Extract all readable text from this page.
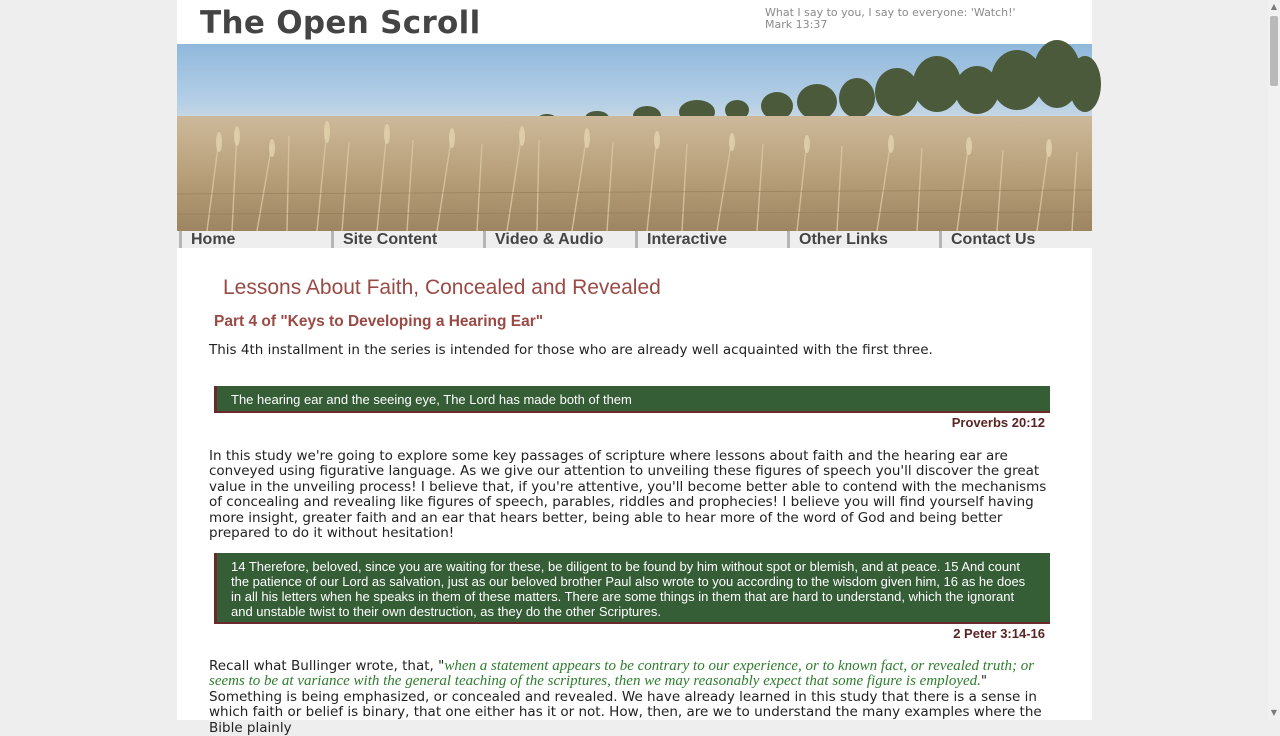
The Open Scroll	What I say to you, I say to everyone: 'Watch!'
Mark 13:37
Home	Site Content	Video & Audio	Interactive	Other Links	Contact Us
Lessons About Faith, Concealed and Revealed
Part 4 of "Keys to Developing a Hearing Ear"

This 4th installment in the series is intended for those who are already well acquainted with the first three.

The hearing ear and the seeing eye, The Lord has made both of them
Proverbs 20:12

In this study we're going to explore some key passages of scripture where lessons about faith and the hearing ear are conveyed using figurative language. As we give our attention to unveiling these figures of speech you'll discover the great value in the unveiling process! I believe that, if you're attentive, you'll become better able to contend with the mechanisms of concealing and revealing like figures of speech, parables, riddles and prophecies! I believe you will find yourself having more insight, greater faith and an ear that hears better, being able to hear more of the word of God and being better prepared to do it without hesitation!

14 Therefore, beloved, since you are waiting for these, be diligent to be found by him without spot or blemish, and at peace. 15 And count the patience of our Lord as salvation, just as our beloved brother Paul also wrote to you according to the wisdom given him, 16 as he does in all his letters when he speaks in them of these matters. There are some things in them that are hard to understand, which the ignorant and unstable twist to their own destruction, as they do the other Scriptures.
2 Peter 3:14-16

Recall what Bullinger wrote, that, "when a statement appears to be contrary to our experience, or to known fact, or revealed truth; or seems to be at variance with the general teaching of the scriptures, then we may reasonably expect that some figure is employed."
Something is being emphasized, or concealed and revealed. We have already learned in this study that there is a sense in which faith or belief is binary, that one either has it or not. How, then, are we to understand the many examples where the Bible plainly

▲
▼
